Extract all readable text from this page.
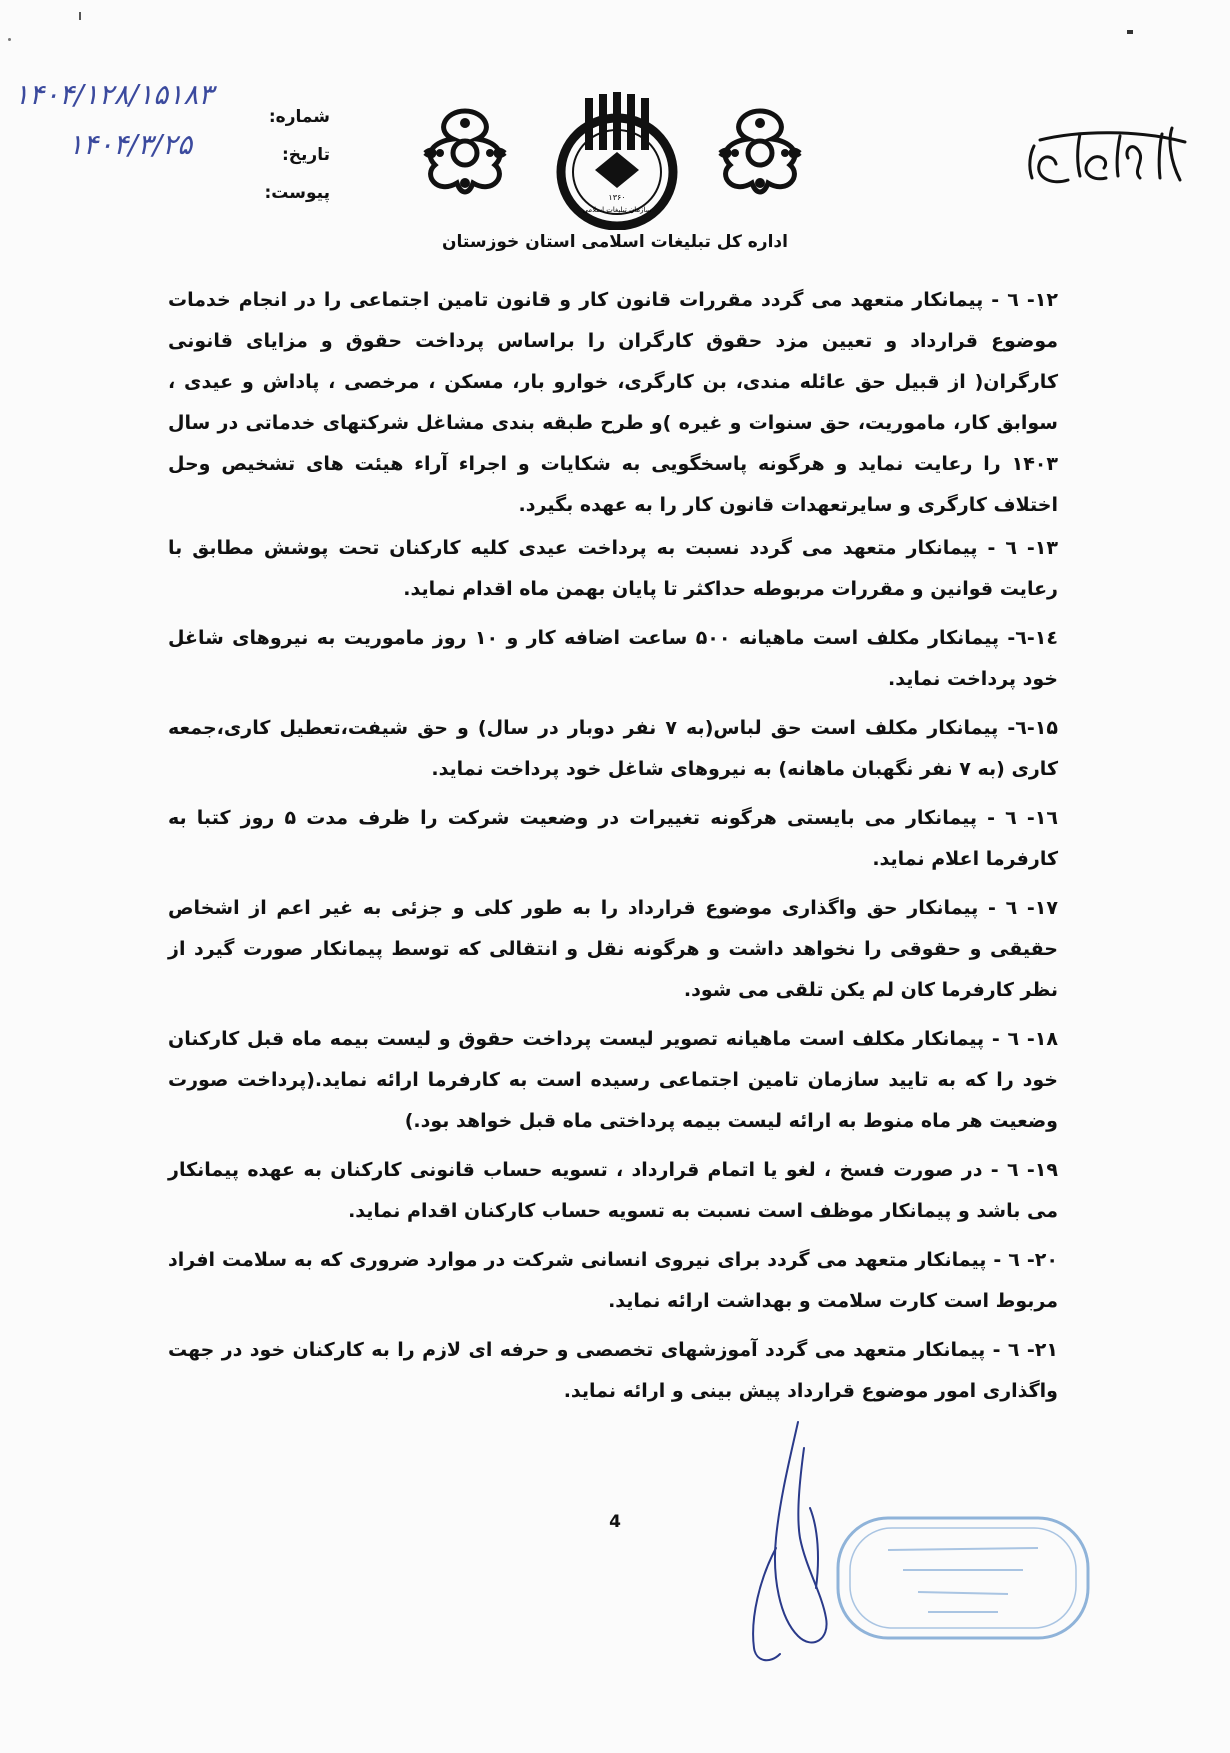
۱۴۰۴/۱۲۸/۱۵۱۸۳
۱۴۰۴/۳/۲۵
شماره:
تاریخ:
پیوست:	۱۳۶۰
سازمان تبلیغات اسلامی
اداره کل تبلیغات اسلامی استان خوزستان

۱۲- ٦ - پیمانکار متعهد می گردد مقررات قانون کار و قانون تامین اجتماعی را در انجام خدمات موضوع قرارداد و تعیین مزد حقوق کارگران را براساس پرداخت حقوق و مزایای قانونی کارگران( از قبیل حق عائله مندی، بن کارگری، خوارو بار، مسکن ، مرخصی ، پاداش و عیدی ، سوابق کار، ماموریت، حق سنوات و غیره )و طرح طبقه بندی مشاغل شرکتهای خدماتی در سال ۱۴۰۳ را رعایت نماید و هرگونه پاسخگویی به شکایات و اجراء آراء هیئت های تشخیص وحل اختلاف کارگری و سایرتعهدات قانون کار را به عهده بگیرد.

۱۳- ٦ - پیمانکار متعهد می گردد نسبت به پرداخت عیدی کلیه کارکنان تحت پوشش مطابق با رعایت قوانین و مقررات مربوطه حداکثر تا پایان بهمن ماه اقدام نماید.

۱٤-٦- پیمانکار مکلف است ماهیانه ۵۰۰ ساعت اضافه کار و ۱۰ روز ماموریت به نیروهای شاغل خود پرداخت نماید.

۱۵-٦- پیمانکار مکلف است حق لباس(به ۷ نفر دوبار در سال) و حق شیفت،تعطیل کاری،جمعه کاری (به ۷ نفر نگهبان ماهانه) به نیروهای شاغل خود پرداخت نماید.

۱٦- ٦ - پیمانکار می بایستی هرگونه تغییرات در وضعیت شرکت را ظرف مدت ۵ روز کتبا به کارفرما اعلام نماید.

۱۷- ٦ - پیمانکار حق واگذاری موضوع قرارداد را به طور کلی و جزئی به غیر اعم از اشخاص حقیقی و حقوقی را نخواهد داشت و هرگونه نقل و انتقالی که توسط پیمانکار صورت گیرد از نظر کارفرما کان لم یکن تلقی می شود.

۱۸- ٦ - پیمانکار مکلف است ماهیانه تصویر لیست پرداخت حقوق و لیست بیمه ماه قبل کارکنان خود را که به تایید سازمان تامین اجتماعی رسیده است به کارفرما ارائه نماید.(پرداخت صورت وضعیت هر ماه منوط به ارائه لیست بیمه پرداختی ماه قبل خواهد بود.)

۱۹- ٦ - در صورت فسخ ، لغو یا اتمام قرارداد ، تسویه حساب قانونی کارکنان به عهده پیمانکار می باشد و پیمانکار موظف است نسبت به تسویه حساب کارکنان اقدام نماید.

۲۰- ٦ - پیمانکار متعهد می گردد برای نیروی انسانی شرکت در موارد ضروری که به سلامت افراد مربوط است کارت سلامت و بهداشت ارائه نماید.

۲۱- ٦ - پیمانکار متعهد می گردد آموزشهای تخصصی و حرفه ای لازم را به کارکنان خود در جهت واگذاری امور موضوع قرارداد پیش بینی و ارائه نماید.

4
